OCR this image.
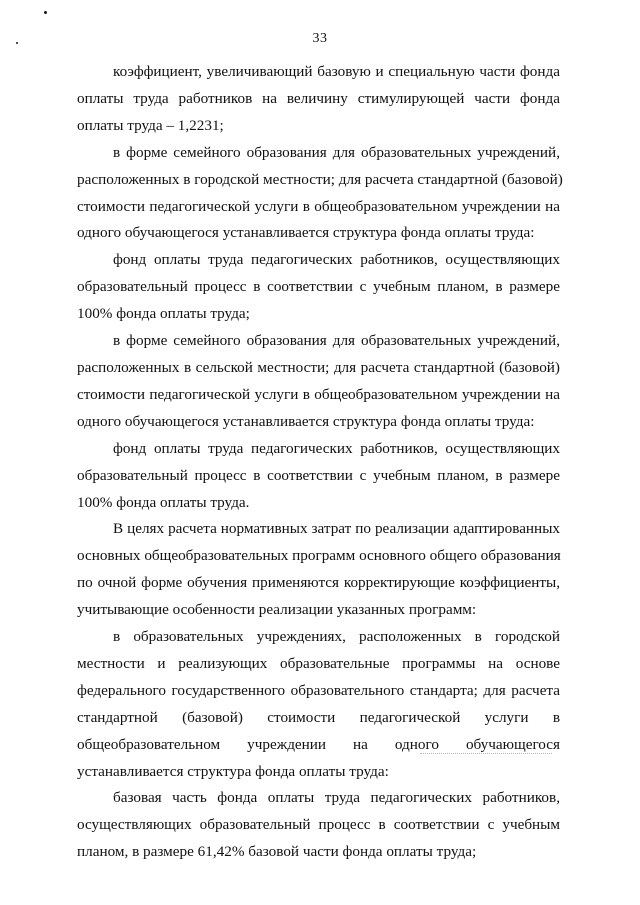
33
коэффициент, увеличивающий базовую и специальную части фонда
оплаты труда работников на величину стимулирующей части фонда
оплаты труда – 1,2231;
в форме семейного образования для образовательных учреждений,
расположенных в городской местности; для расчета стандартной (базовой)
стоимости педагогической услуги в общеобразовательном учреждении на
одного обучающегося устанавливается структура фонда оплаты труда:
фонд оплаты труда педагогических работников, осуществляющих
образовательный процесс в соответствии с учебным планом, в размере
100% фонда оплаты труда;
в форме семейного образования для образовательных учреждений,
расположенных в сельской местности; для расчета стандартной (базовой)
стоимости педагогической услуги в общеобразовательном учреждении на
одного обучающегося устанавливается структура фонда оплаты труда:
фонд оплаты труда педагогических работников, осуществляющих
образовательный процесс в соответствии с учебным планом, в размере
100% фонда оплаты труда.
В целях расчета нормативных затрат по реализации адаптированных
основных общеобразовательных программ основного общего образования
по очной форме обучения применяются корректирующие коэффициенты,
учитывающие особенности реализации указанных программ:
в образовательных учреждениях, расположенных в городской
местности и реализующих образовательные программы на основе
федерального государственного образовательного стандарта; для расчета
стандартной (базовой) стоимости педагогической услуги в
общеобразовательном учреждении на одного обучающегося
устанавливается структура фонда оплаты труда:
базовая часть фонда оплаты труда педагогических работников,
осуществляющих образовательный процесс в соответствии с учебным
планом, в размере 61,42% базовой части фонда оплаты труда;
